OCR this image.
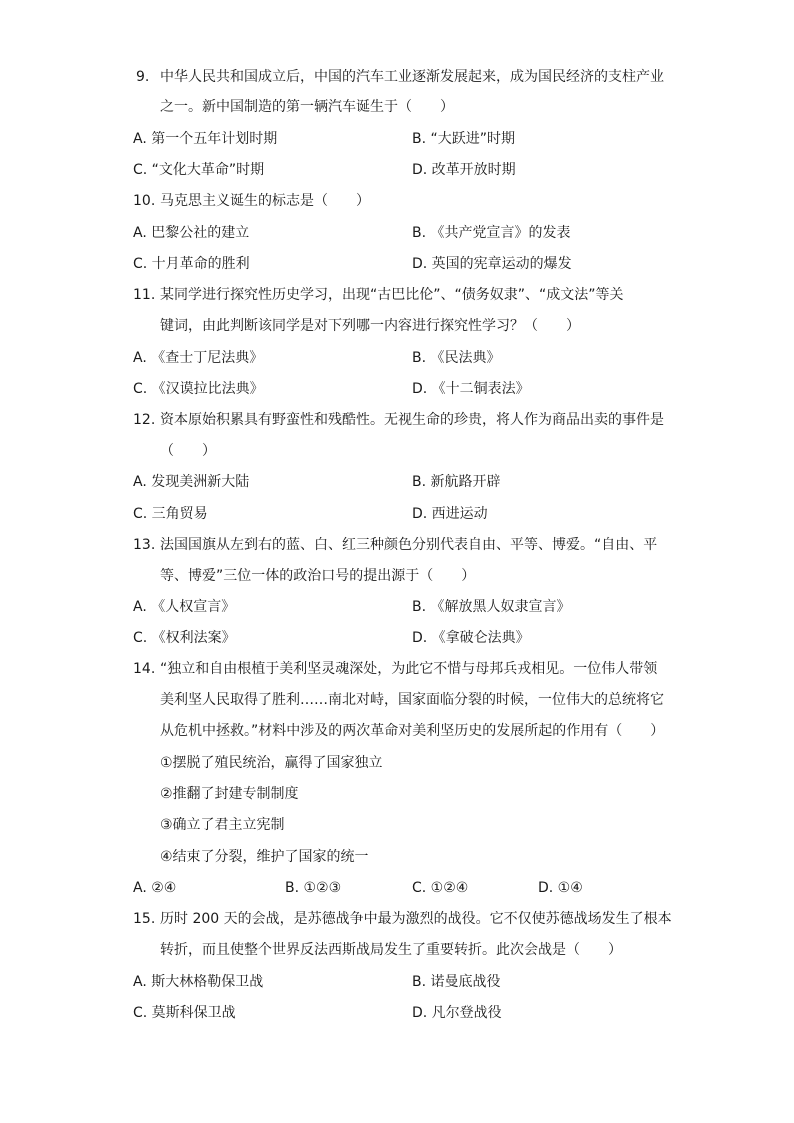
9. 中华人民共和国成立后，中国的汽车工业逐渐发展起来，成为国民经济的支柱产业
之一。新中国制造的第一辆汽车诞生于（　　）
A. 第一个五年计划时期	B. “大跃进”时期
C. “文化大革命”时期	D. 改革开放时期
10. 马克思主义诞生的标志是（　　）
A. 巴黎公社的建立	B. 《共产党宣言》的发表
C. 十月革命的胜利	D. 英国的宪章运动的爆发
11. 某同学进行探究性历史学习，出现“古巴比伦”、“债务奴隶”、“成文法”等关
键词，由此判断该同学是对下列哪一内容进行探究性学习？（　　）
A. 《查士丁尼法典》	B. 《民法典》
C. 《汉谟拉比法典》	D. 《十二铜表法》
12. 资本原始积累具有野蛮性和残酷性。无视生命的珍贵，将人作为商品出卖的事件是
（　　）
A. 发现美洲新大陆	B. 新航路开辟
C. 三角贸易	D. 西进运动
13. 法国国旗从左到右的蓝、白、红三种颜色分别代表自由、平等、博爱。“自由、平
等、博爱”三位一体的政治口号的提出源于（　　）
A. 《人权宣言》	B. 《解放黑人奴隶宣言》
C. 《权利法案》	D. 《拿破仑法典》
14. “独立和自由根植于美利坚灵魂深处，为此它不惜与母邦兵戎相见。一位伟人带领
美利坚人民取得了胜利……南北对峙，国家面临分裂的时候，一位伟大的总统将它
从危机中拯救。”材料中涉及的两次革命对美利坚历史的发展所起的作用有（　　）
①摆脱了殖民统治，赢得了国家独立
②推翻了封建专制制度
③确立了君主立宪制
④结束了分裂，维护了国家的统一
A. ②④	B. ①②③	C. ①②④	D. ①④
15. 历时 200 天的会战，是苏德战争中最为激烈的战役。它不仅使苏德战场发生了根本
转折，而且使整个世界反法西斯战局发生了重要转折。此次会战是（　　）
A. 斯大林格勒保卫战	B. 诺曼底战役
C. 莫斯科保卫战	D. 凡尔登战役
